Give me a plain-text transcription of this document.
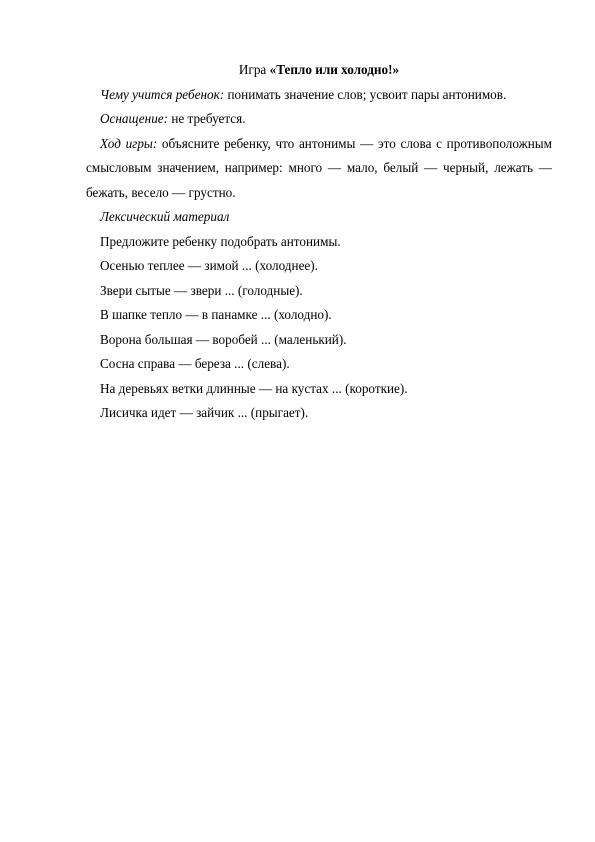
Игра «Тепло или холодно!»

Чему учится ребенок: понимать значение слов; усвоит пары антонимов.

Оснащение: не требуется.

Ход игры: объясните ребенку, что антонимы — это слова с противоположным смысловым значением, например: много — мало, белый — черный, лежать — бежать, весело — грустно.

Лексический материал

Предложите ребенку подобрать антонимы.

Осенью теплее — зимой ... (холоднее).

Звери сытые — звери ... (голодные).

В шапке тепло — в панамке ... (холодно).

Ворона большая — воробей ... (маленький).

Сосна справа — береза ... (слева).

На деревьях ветки длинные — на кустах ... (короткие).

Лисичка идет — зайчик ... (прыгает).
